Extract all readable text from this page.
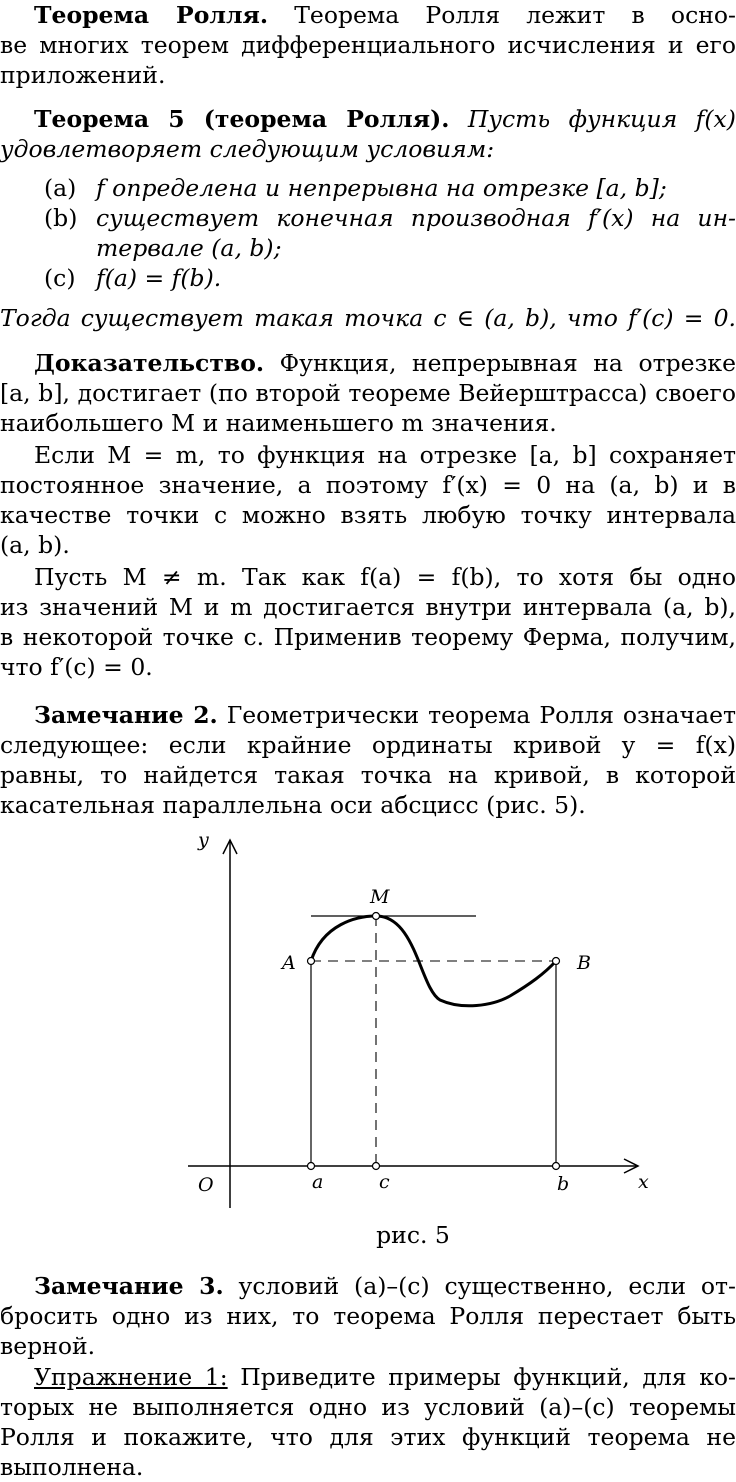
Теорема Ролля. Теорема Ролля лежит в осно-
ве многих теорем дифференциального исчисления и его
приложений.
Теорема 5 (теорема Ролля). Пусть функция f(x)
удовлетворяет следующим условиям:
(a) f определена и непрерывна на отрезке [a, b];
(b) существует конечная производная f′(x) на ин-
тервале (a, b);
(c) f(a) = f(b).
Тогда существует такая точка c ∈ (a, b), что f′(c) = 0.
Доказательство. Функция, непрерывная на отрезке
[a, b], достигает (по второй теореме Вейерштрасса) своего
наибольшего M и наименьшего m значения.
Если M = m, то функция на отрезке [a, b] сохраняет
постоянное значение, а поэтому f′(x) = 0 на (a, b) и в
качестве точки c можно взять любую точку интервала
(a, b).
Пусть M ≠ m. Так как f(a) = f(b), то хотя бы одно
из значений M и m достигается внутри интервала (a, b),
в некоторой точке c. Применив теорему Ферма, получим,
что f′(c) = 0.
Замечание 2. Геометрически теорема Ролля означает
следующее: если крайние ординаты кривой y = f(x)
равны, то найдется такая точка на кривой, в которой
касательная параллельна оси абсцисс (рис. 5).
y
x
O
M
A	B
a	c	b
рис. 5
Замечание 3. условий (a)–(c) существенно, если от-
бросить одно из них, то теорема Ролля перестает быть
верной.
Упражнение 1: Приведите примеры функций, для ко-
торых не выполняется одно из условий (a)–(c) теоремы
Ролля и покажите, что для этих функций теорема не
выполнена.
